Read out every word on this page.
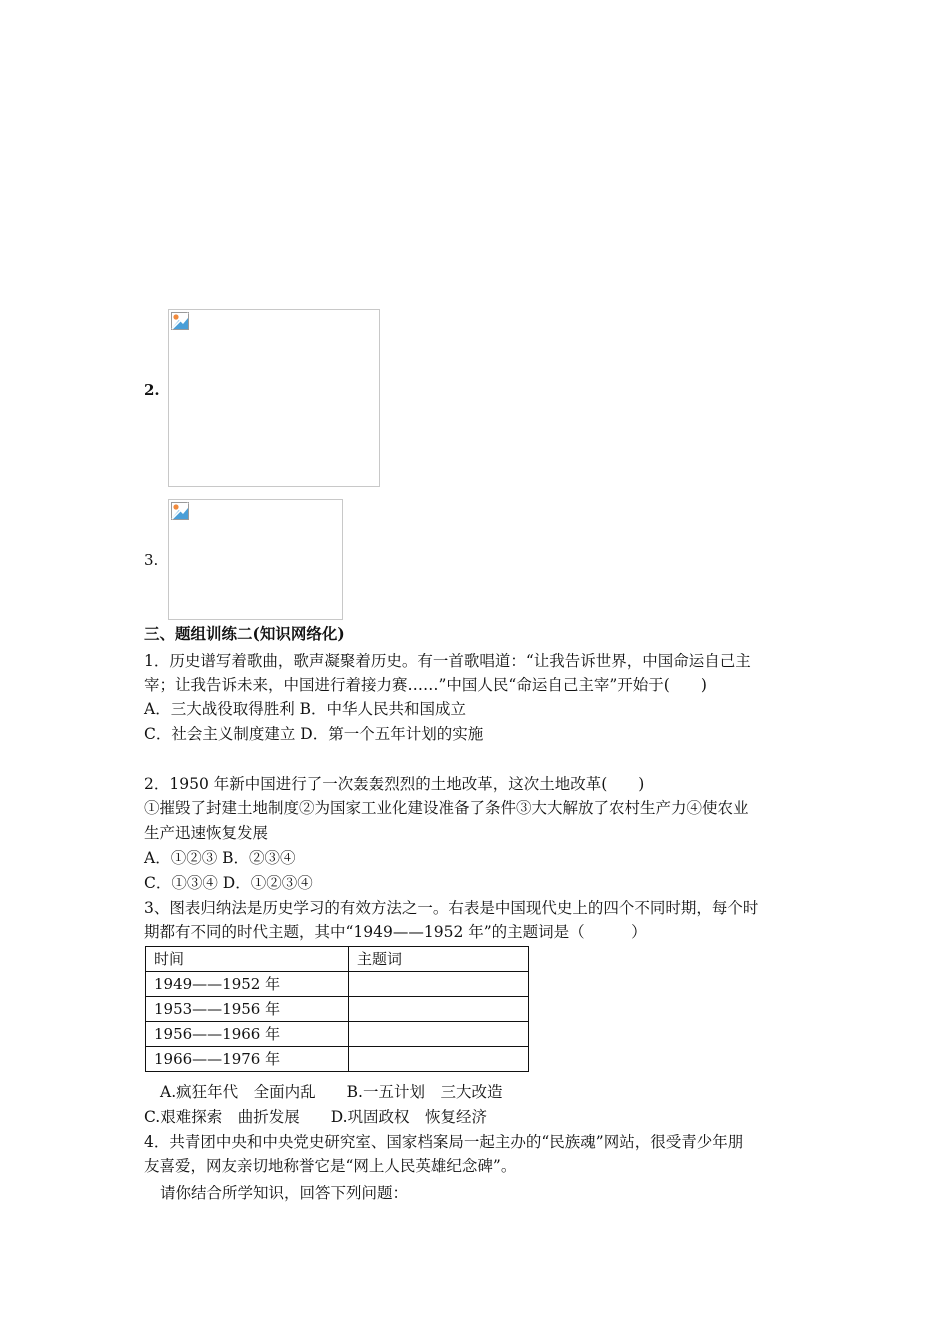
2.
3.
三、题组训练二(知识网络化)
1．历史谱写着歌曲，歌声凝聚着历史。有一首歌唱道：“让我告诉世界，中国命运自己主
宰；让我告诉未来，中国进行着接力赛……”中国人民“命运自己主宰”开始于(　　)
A．三大战役取得胜利 B．中华人民共和国成立
C．社会主义制度建立 D．第一个五年计划的实施
2．1950 年新中国进行了一次轰轰烈烈的土地改革，这次土地改革(　　)
①摧毁了封建土地制度②为国家工业化建设准备了条件③大大解放了农村生产力④使农业
生产迅速恢复发展
A．①②③ B．②③④
C．①③④ D．①②③④
3、图表归纳法是历史学习的有效方法之一。右表是中国现代史上的四个不同时期，每个时
期都有不同的时代主题，其中“1949——1952 年”的主题词是（　　　）
时间	主题词
1949——1952 年	
1953——1956 年	
1956——1966 年	
1966——1976 年	
A.疯狂年代　全面内乱　　B.一五计划　三大改造
C.艰难探索　曲折发展　　D.巩固政权　恢复经济
4．共青团中央和中央党史研究室、国家档案局一起主办的“民族魂”网站，很受青少年朋
友喜爱，网友亲切地称誉它是“网上人民英雄纪念碑”。
请你结合所学知识，回答下列问题：
